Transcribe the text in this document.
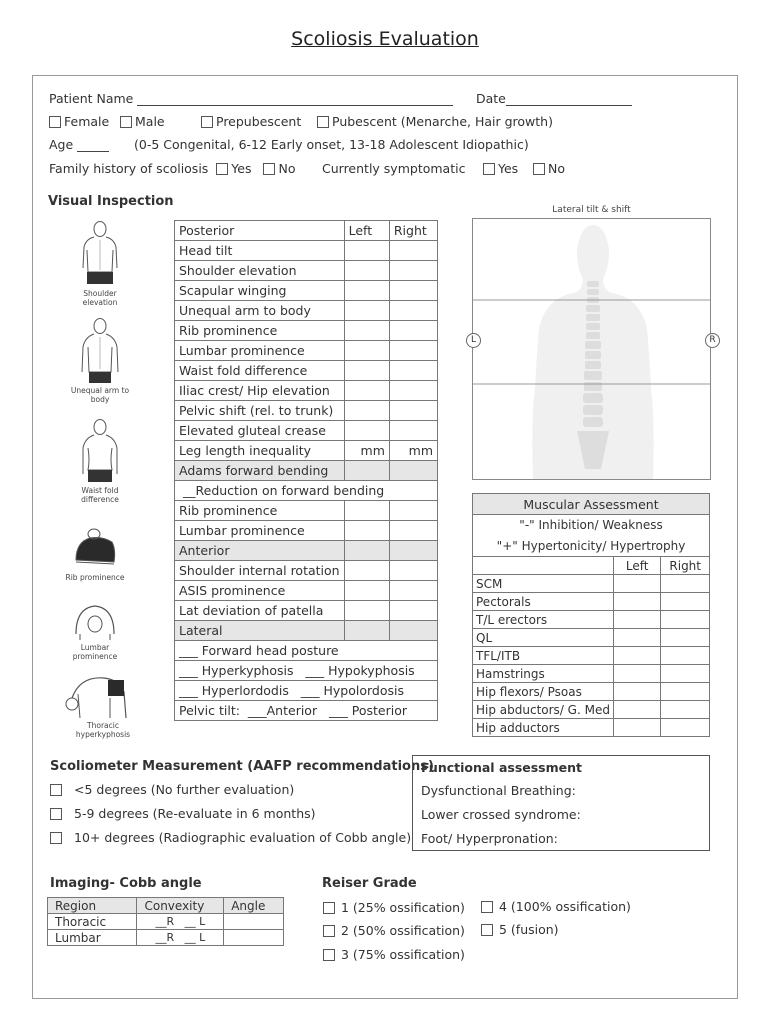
Scoliosis Evaluation
Patient Name	Date
Female	Male	Prepubescent	Pubescent (Menarche, Hair growth)
Age	(0-5 Congenital, 6-12 Early onset, 13-18 Adolescent Idiopathic)
Family history of scoliosis Yes No Currently symptomatic	Yes	No
Visual Inspection
Shoulder elevation
Unequal arm to body
Waist fold difference
Rib prominence
Lumbar prominence
Thoracic hyperkyphosis
Posterior	Left	Right
Head tilt		
Shoulder elevation		
Scapular winging		
Unequal arm to body		
Rib prominence		
Lumbar prominence		
Waist fold difference		
Iliac crest/ Hip elevation		
Pelvic shift (rel. to trunk)		
Elevated gluteal crease		
Leg length inequality	mm	mm
Adams forward bending		
__Reduction on forward bending		
Rib prominence		
Lumbar prominence		
Anterior		
Shoulder internal rotation		
ASIS prominence		
Lat deviation of patella		
Lateral		
___ Forward head posture		
___ Hyperkyphosis   ___ Hypokyphosis		
___ Hyperlordodis   ___ Hypolordosis		
Pelvic tilt:  ___Anterior   ___ Posterior		
Lateral tilt & shift
L	R
Muscular Assessment		
"-" Inhibition/ Weakness		
"+" Hypertonicity/ Hypertrophy		
	Left	Right
SCM		
Pectorals		
T/L erectors		
QL		
TFL/ITB		
Hamstrings		
Hip flexors/ Psoas		
Hip abductors/ G. Med		
Hip adductors		
Scoliometer Measurement (AAFP recommendations)
<5 degrees (No further evaluation)
5-9 degrees (Re-evaluate in 6 months)
10+ degrees (Radiographic evaluation of Cobb angle)
Functional assessment
Dysfunctional Breathing:
Lower crossed syndrome:
Foot/ Hyperpronation:
Imaging- Cobb angle
Region	Convexity	Angle
Thoracic	__R   __ L	
Lumbar	__R   __ L	
Reiser Grade
1 (25% ossification)
2 (50% ossification)
3 (75% ossification)
4 (100% ossification)
5 (fusion)
